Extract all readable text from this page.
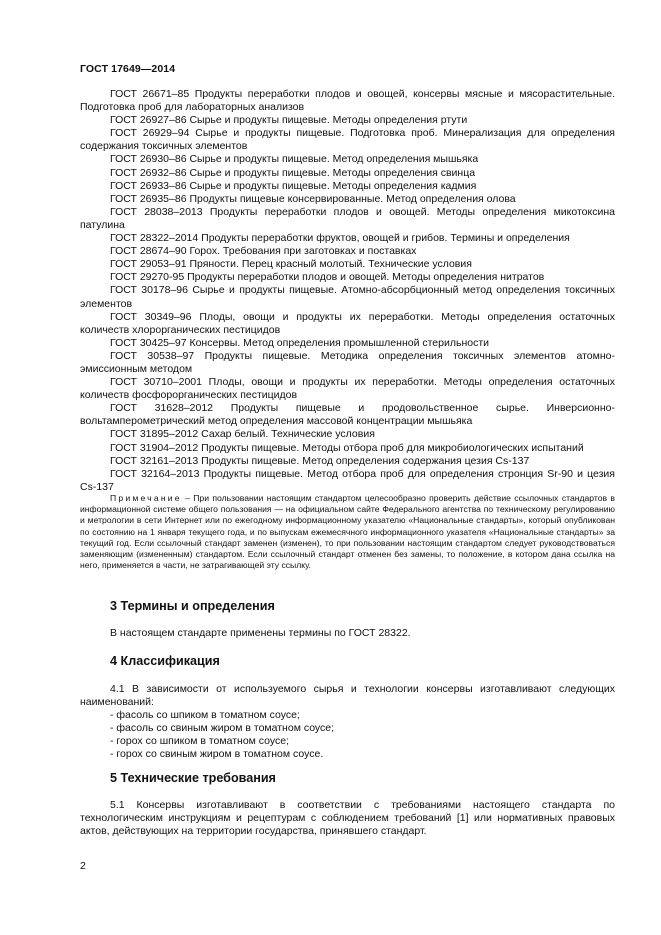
ГОСТ 17649—2014

ГОСТ 26671–85 Продукты переработки плодов и овощей, консервы мясные и мясорастительные. Подготовка проб для лабораторных анализов

ГОСТ 26927–86 Сырье и продукты пищевые. Методы определения ртути

ГОСТ 26929–94 Сырье и продукты пищевые. Подготовка проб. Минерализация для определения содержания токсичных элементов

ГОСТ 26930–86 Сырье и продукты пищевые. Метод определения мышьяка

ГОСТ 26932–86 Сырье и продукты пищевые. Методы определения свинца

ГОСТ 26933–86 Сырье и продукты пищевые. Методы определения кадмия

ГОСТ 26935–86 Продукты пищевые консервированные. Метод определения олова

ГОСТ 28038–2013 Продукты переработки плодов и овощей. Методы определения микотоксина патулина

ГОСТ 28322–2014 Продукты переработки фруктов, овощей и грибов. Термины и определения

ГОСТ 28674–90 Горох. Требования при заготовках и поставках

ГОСТ 29053–91 Пряности. Перец красный молотый. Технические условия

ГОСТ 29270-95 Продукты переработки плодов и овощей. Методы определения нитратов

ГОСТ 30178–96 Сырье и продукты пищевые. Атомно-абсорбционный метод определения токсичных элементов

ГОСТ 30349–96 Плоды, овощи и продукты их переработки. Методы определения остаточных количеств хлорорганических пестицидов

ГОСТ 30425–97 Консервы. Метод определения промышленной стерильности

ГОСТ 30538–97 Продукты пищевые. Методика определения токсичных элементов атомно-эмиссионным методом

ГОСТ 30710–2001 Плоды, овощи и продукты их переработки. Методы определения остаточных количеств фосфорорганических пестицидов

ГОСТ 31628–2012 Продукты пищевые и продовольственное сырье. Инверсионно-вольтамперометрический метод определения массовой концентрации мышьяка

ГОСТ 31895–2012 Сахар белый. Технические условия

ГОСТ 31904–2012 Продукты пищевые. Методы отбора проб для микробиологических испытаний

ГОСТ 32161–2013 Продукты пищевые. Метод определения содержания цезия Cs-137

ГОСТ 32164–2013 Продукты пищевые. Метод отбора проб для определения стронция Sr-90 и цезия Cs-137

Примечание – При пользовании настоящим стандартом целесообразно проверить действие ссылочных стандартов в информационной системе общего пользования — на официальном сайте Федерального агентства по техническому регулированию и метрологии в сети Интернет или по ежегодному информационному указателю «Национальные стандарты», который опубликован по состоянию на 1 января текущего года, и по выпускам ежемесячного информационного указателя «Национальные стандарты» за текущий год. Если ссылочный стандарт заменен (изменен), то при пользовании настоящим стандартом следует руководствоваться заменяющим (измененным) стандартом. Если ссылочный стандарт отменен без замены, то положение, в котором дана ссылка на него, применяется в части, не затрагивающей эту ссылку.

3 Термины и определения

В настоящем стандарте применены термины по ГОСТ 28322.

4 Классификация

4.1 В зависимости от используемого сырья и технологии консервы изготавливают следующих наименований:

- фасоль со шпиком в томатном соусе;
- фасоль со свиным жиром в томатном соусе;
- горох со шпиком в томатном соусе;
- горох со свиным жиром в томатном соусе.
5 Технические требования

5.1 Консервы изготавливают в соответствии с требованиями настоящего стандарта по технологическим инструкциям и рецептурам с соблюдением требований [1] или нормативных правовых актов, действующих на территории государства, принявшего стандарт.

2
